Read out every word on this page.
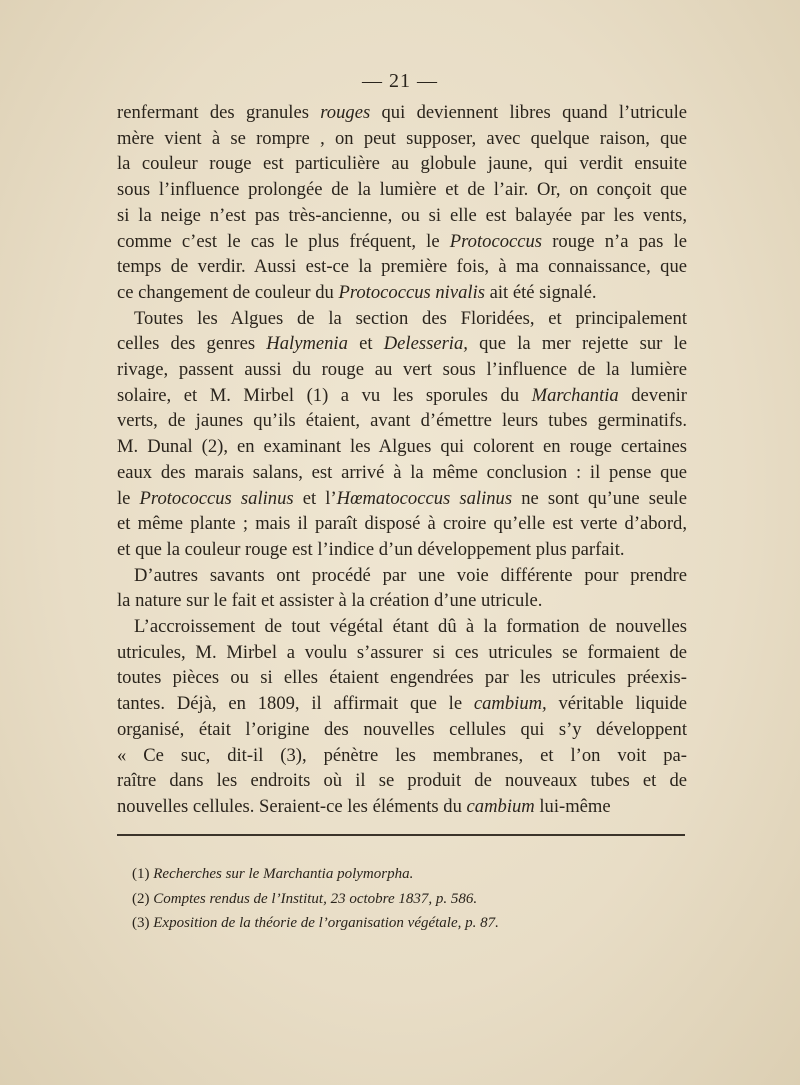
— 21 —
renfermant des granules rouges qui deviennent libres quand l’utricule
mère vient à se rompre , on peut supposer, avec quelque raison, que
la couleur rouge est particulière au globule jaune, qui verdit ensuite
sous l’influence prolongée de la lumière et de l’air. Or, on conçoit que
si la neige n’est pas très-ancienne, ou si elle est balayée par les vents,
comme c’est le cas le plus fréquent, le Protococcus rouge n’a pas le
temps de verdir. Aussi est-ce la première fois, à ma connaissance, que
ce changement de couleur du Protococcus nivalis ait été signalé.
Toutes les Algues de la section des Floridées, et principalement
celles des genres Halymenia et Delesseria, que la mer rejette sur le
rivage, passent aussi du rouge au vert sous l’influence de la lumière
solaire, et M. Mirbel (1) a vu les sporules du Marchantia devenir
verts, de jaunes qu’ils étaient, avant d’émettre leurs tubes germinatifs.
M. Dunal (2), en examinant les Algues qui colorent en rouge certaines
eaux des marais salans, est arrivé à la même conclusion : il pense que
le Protococcus salinus et l’Hœmatococcus salinus ne sont qu’une seule
et même plante ; mais il paraît disposé à croire qu’elle est verte d’abord,
et que la couleur rouge est l’indice d’un développement plus parfait.
D’autres savants ont procédé par une voie différente pour prendre
la nature sur le fait et assister à la création d’une utricule.
L’accroissement de tout végétal étant dû à la formation de nouvelles
utricules, M. Mirbel a voulu s’assurer si ces utricules se formaient de
toutes pièces ou si elles étaient engendrées par les utricules préexis-
tantes. Déjà, en 1809, il affirmait que le cambium, véritable liquide
organisé, était l’origine des nouvelles cellules qui s’y développent
« Ce suc, dit-il (3), pénètre les membranes, et l’on voit pa-
raître dans les endroits où il se produit de nouveaux tubes et de
nouvelles cellules. Seraient-ce les éléments du cambium lui-même
(1) Recherches sur le Marchantia polymorpha.
(2) Comptes rendus de l’Institut, 23 octobre 1837, p. 586.
(3) Exposition de la théorie de l’organisation végétale, p. 87.
